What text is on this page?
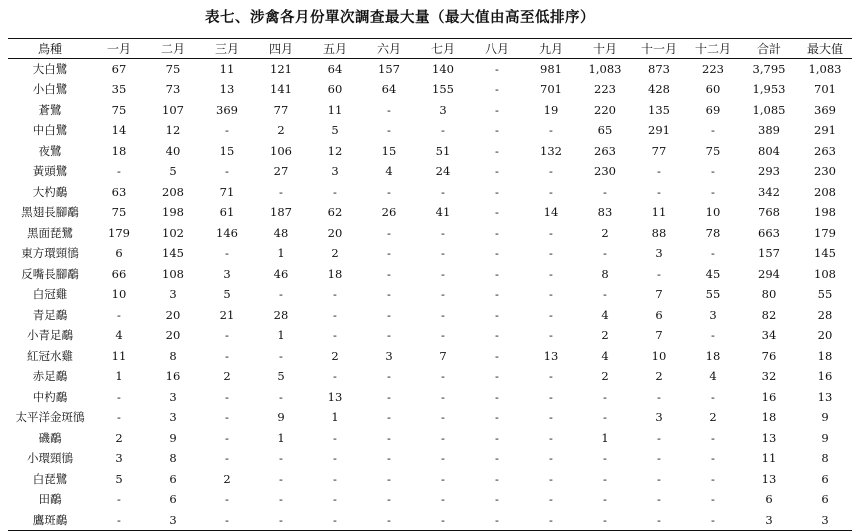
表七、涉禽各月份單次調查最大量（最大值由高至低排序）
鳥種	一月	二月	三月	四月	五月	六月	七月	八月	九月	十月	十一月	十二月	合計	最大值
大白鷺	67	75	11	121	64	157	140	-	981	1,083	873	223	3,795	1,083
小白鷺	35	73	13	141	60	64	155	-	701	223	428	60	1,953	701
蒼鷺	75	107	369	77	11	-	3	-	19	220	135	69	1,085	369
中白鷺	14	12	-	2	5	-	-	-	-	65	291	-	389	291
夜鷺	18	40	15	106	12	15	51	-	132	263	77	75	804	263
黃頭鷺	-	5	-	27	3	4	24	-	-	230	-	-	293	230
大杓鷸	63	208	71	-	-	-	-	-	-	-	-	-	342	208
黑翅長腳鷸	75	198	61	187	62	26	41	-	14	83	11	10	768	198
黑面琵鷺	179	102	146	48	20	-	-	-	-	2	88	78	663	179
東方環頸鴴	6	145	-	1	2	-	-	-	-	-	3	-	157	145
反嘴長腳鷸	66	108	3	46	18	-	-	-	-	8	-	45	294	108
白冠雞	10	3	5	-	-	-	-	-	-	-	7	55	80	55
青足鷸	-	20	21	28	-	-	-	-	-	4	6	3	82	28
小青足鷸	4	20	-	1	-	-	-	-	-	2	7	-	34	20
紅冠水雞	11	8	-	-	2	3	7	-	13	4	10	18	76	18
赤足鷸	1	16	2	5	-	-	-	-	-	2	2	4	32	16
中杓鷸	-	3	-	-	13	-	-	-	-	-	-	-	16	13
太平洋金斑鴴	-	3	-	9	1	-	-	-	-	-	3	2	18	9
磯鷸	2	9	-	1	-	-	-	-	-	1	-	-	13	9
小環頸鴴	3	8	-	-	-	-	-	-	-	-	-	-	11	8
白琵鷺	5	6	2	-	-	-	-	-	-	-	-	-	13	6
田鷸	-	6	-	-	-	-	-	-	-	-	-	-	6	6
鷹斑鷸	-	3	-	-	-	-	-	-	-	-	-	-	3	3
